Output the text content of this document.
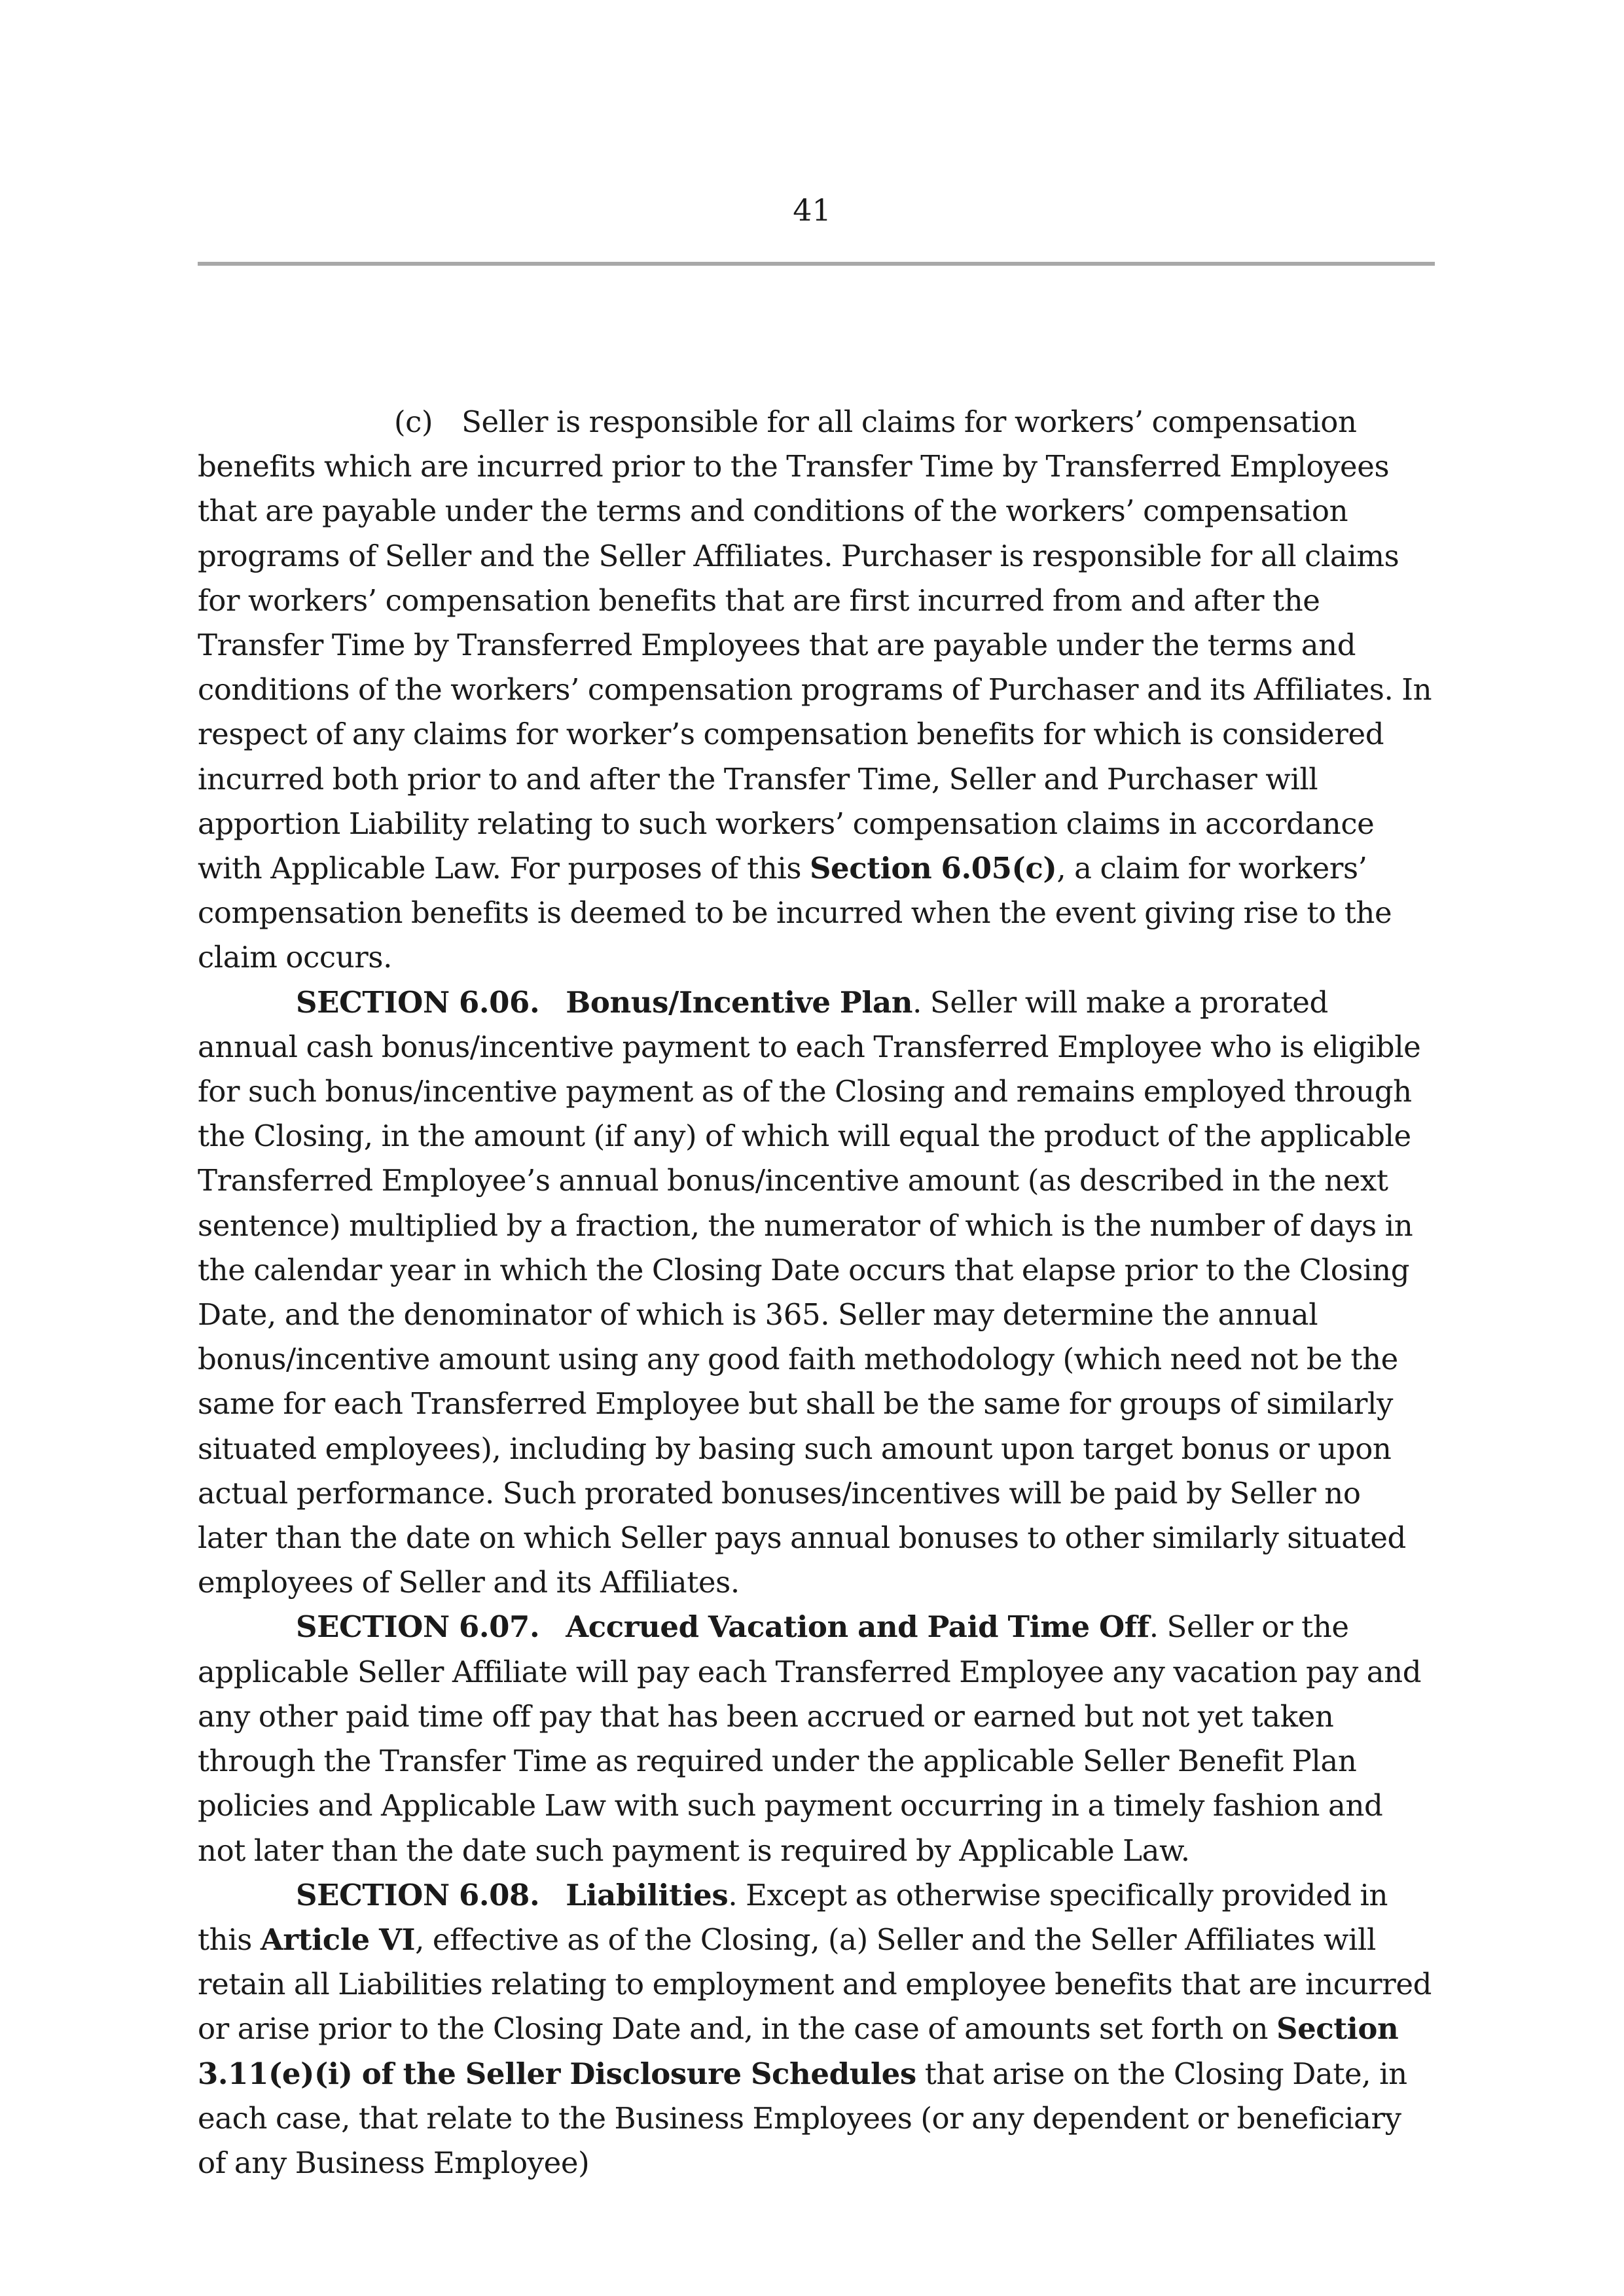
41

(c) Seller is responsible for all claims for workers’ compensation benefits which are incurred prior to the Transfer Time by Transferred Employees that are payable under the terms and conditions of the workers’ compensation programs of Seller and the Seller Affiliates. Purchaser is responsible for all claims for workers’ compensation benefits that are first incurred from and after the Transfer Time by Transferred Employees that are payable under the terms and conditions of the workers’ compensation programs of Purchaser and its Affiliates. In respect of any claims for worker’s compensation benefits for which is considered incurred both prior to and after the Transfer Time, Seller and Purchaser will apportion Liability relating to such workers’ compensation claims in accordance with Applicable Law. For purposes of this Section 6.05(c), a claim for workers’ compensation benefits is deemed to be incurred when the event giving rise to the claim occurs.

SECTION 6.06. Bonus/Incentive Plan. Seller will make a prorated annual cash bonus/incentive payment to each Transferred Employee who is eligible for such bonus/incentive payment as of the Closing and remains employed through the Closing, in the amount (if any) of which will equal the product of the applicable Transferred Employee’s annual bonus/incentive amount (as described in the next sentence) multiplied by a fraction, the numerator of which is the number of days in the calendar year in which the Closing Date occurs that elapse prior to the Closing Date, and the denominator of which is 365. Seller may determine the annual bonus/incentive amount using any good faith methodology (which need not be the same for each Transferred Employee but shall be the same for groups of similarly situated employees), including by basing such amount upon target bonus or upon actual performance. Such prorated bonuses/incentives will be paid by Seller no later than the date on which Seller pays annual bonuses to other similarly situated employees of Seller and its Affiliates.

SECTION 6.07. Accrued Vacation and Paid Time Off. Seller or the applicable Seller Affiliate will pay each Transferred Employee any vacation pay and any other paid time off pay that has been accrued or earned but not yet taken through the Transfer Time as required under the applicable Seller Benefit Plan policies and Applicable Law with such payment occurring in a timely fashion and not later than the date such payment is required by Applicable Law.

SECTION 6.08. Liabilities. Except as otherwise specifically provided in this Article VI, effective as of the Closing, (a) Seller and the Seller Affiliates will retain all Liabilities relating to employment and employee benefits that are incurred or arise prior to the Closing Date and, in the case of amounts set forth on Section 3.11(e)(i) of the Seller Disclosure Schedules that arise on the Closing Date, in each case, that relate to the Business Employees (or any dependent or beneficiary of any Business Employee)
